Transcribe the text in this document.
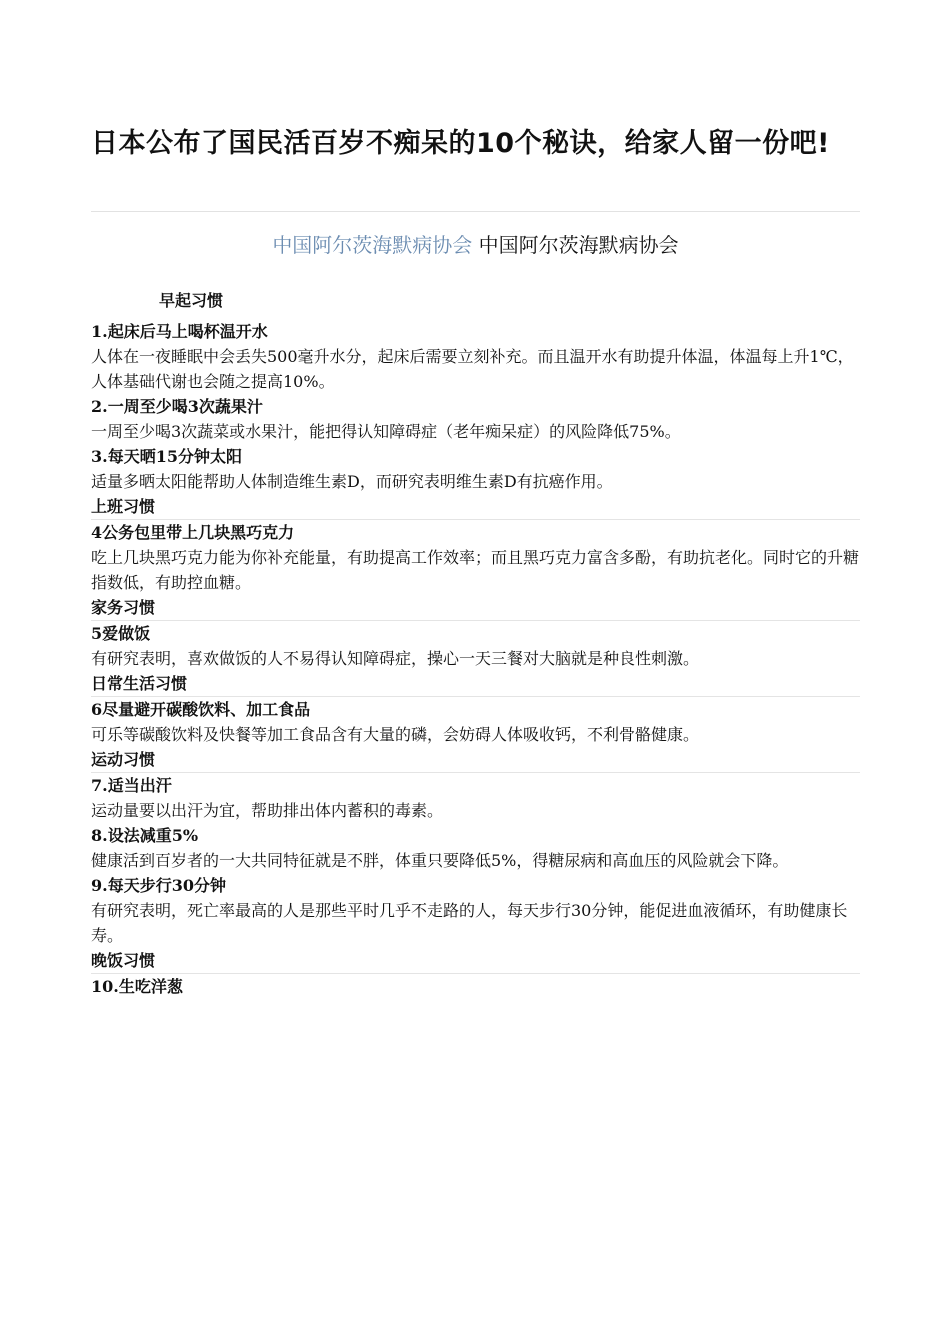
日本公布了国民活百岁不痴呆的10个秘诀，给家人留一份吧!
中国阿尔茨海默病协会 中国阿尔茨海默病协会
早起习惯

1.起床后马上喝杯温开水

人体在一夜睡眠中会丢失500毫升水分，起床后需要立刻补充。而且温开水有助提升体温，体温每上升1℃，人体基础代谢也会随之提高10%。

2.一周至少喝3次蔬果汁

一周至少喝3次蔬菜或水果汁，能把得认知障碍症（老年痴呆症）的风险降低75%。

3.每天晒15分钟太阳

适量多晒太阳能帮助人体制造维生素D，而研究表明维生素D有抗癌作用。

上班习惯

4公务包里带上几块黑巧克力

吃上几块黑巧克力能为你补充能量，有助提高工作效率；而且黑巧克力富含多酚，有助抗老化。同时它的升糖指数低，有助控血糖。

家务习惯

5爱做饭

有研究表明，喜欢做饭的人不易得认知障碍症，操心一天三餐对大脑就是种良性刺激。

日常生活习惯

6尽量避开碳酸饮料、加工食品

可乐等碳酸饮料及快餐等加工食品含有大量的磷，会妨碍人体吸收钙，不利骨骼健康。

运动习惯

7.适当出汗

运动量要以出汗为宜，帮助排出体内蓄积的毒素。

8.设法减重5%

健康活到百岁者的一大共同特征就是不胖，体重只要降低5%，得糖尿病和高血压的风险就会下降。

9.每天步行30分钟

有研究表明，死亡率最高的人是那些平时几乎不走路的人，每天步行30分钟，能促进血液循环，有助健康长寿。

晚饭习惯

10.生吃洋葱
